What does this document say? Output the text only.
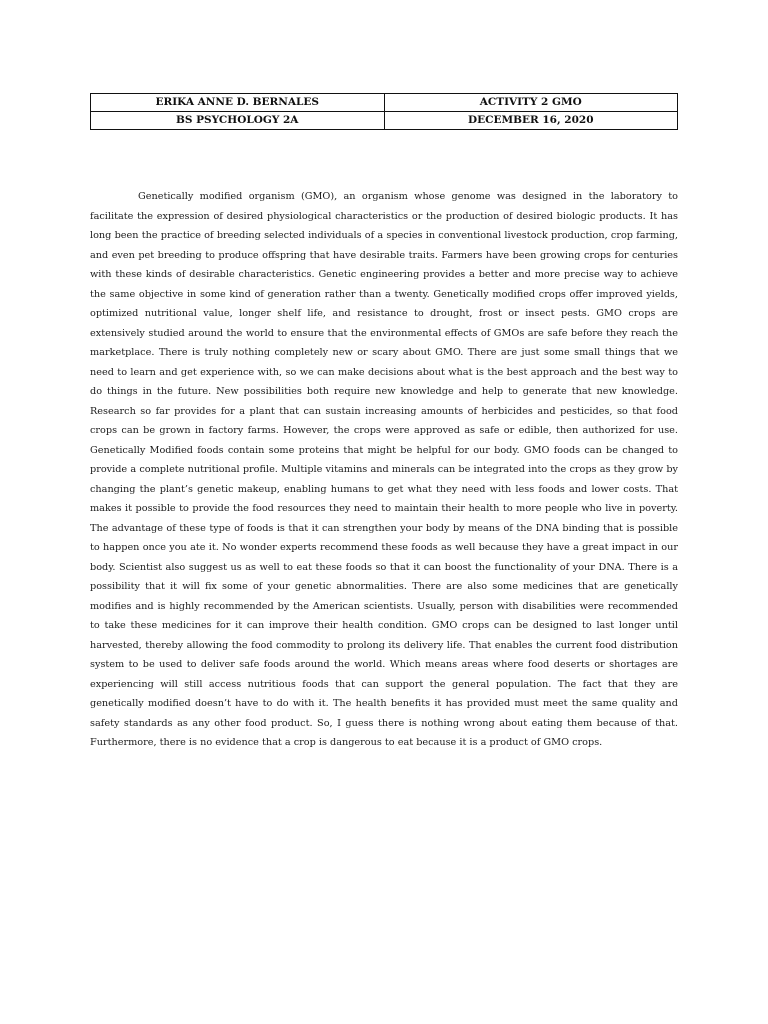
ERIKA ANNE D. BERNALES	ACTIVITY 2 GMO
BS PSYCHOLOGY 2A	DECEMBER 16, 2020

Genetically modified organism (GMO), an organism whose genome was designed in the laboratory to facilitate the expression of desired physiological characteristics or the production of desired biologic products. It has long been the practice of breeding selected individuals of a species in conventional livestock production, crop farming, and even pet breeding to produce offspring that have desirable traits. Farmers have been growing crops for centuries with these kinds of desirable characteristics. Genetic engineering provides a better and more precise way to achieve the same objective in some kind of generation rather than a twenty. Genetically modified crops offer improved yields, optimized nutritional value, longer shelf life, and resistance to drought, frost or insect pests. GMO crops are extensively studied around the world to ensure that the environmental effects of GMOs are safe before they reach the marketplace. There is truly nothing completely new or scary about GMO. There are just some small things that we need to learn and get experience with, so we can make decisions about what is the best approach and the best way to do things in the future. New possibilities both require new knowledge and help to generate that new knowledge. Research so far provides for a plant that can sustain increasing amounts of herbicides and pesticides, so that food crops can be grown in factory farms. However, the crops were approved as safe or edible, then authorized for use. Genetically Modified foods contain some proteins that might be helpful for our body. GMO foods can be changed to provide a complete nutritional profile. Multiple vitamins and minerals can be integrated into the crops as they grow by changing the plant’s genetic makeup, enabling humans to get what they need with less foods and lower costs. That makes it possible to provide the food resources they need to maintain their health to more people who live in poverty. The advantage of these type of foods is that it can strengthen your body by means of the DNA binding that is possible to happen once you ate it. No wonder experts recommend these foods as well because they have a great impact in our body. Scientist also suggest us as well to eat these foods so that it can boost the functionality of your DNA. There is a possibility that it will fix some of your genetic abnormalities. There are also some medicines that are genetically modifies and is highly recommended by the American scientists. Usually, person with disabilities were recommended to take these medicines for it can improve their health condition. GMO crops can be designed to last longer until harvested, thereby allowing the food commodity to prolong its delivery life. That enables the current food distribution system to be used to deliver safe foods around the world. Which means areas where food deserts or shortages are experiencing will still access nutritious foods that can support the general population. The fact that they are genetically modified doesn’t have to do with it. The health benefits it has provided must meet the same quality and safety standards as any other food product. So, I guess there is nothing wrong about eating them because of that. Furthermore, there is no evidence that a crop is dangerous to eat because it is a product of GMO crops.
